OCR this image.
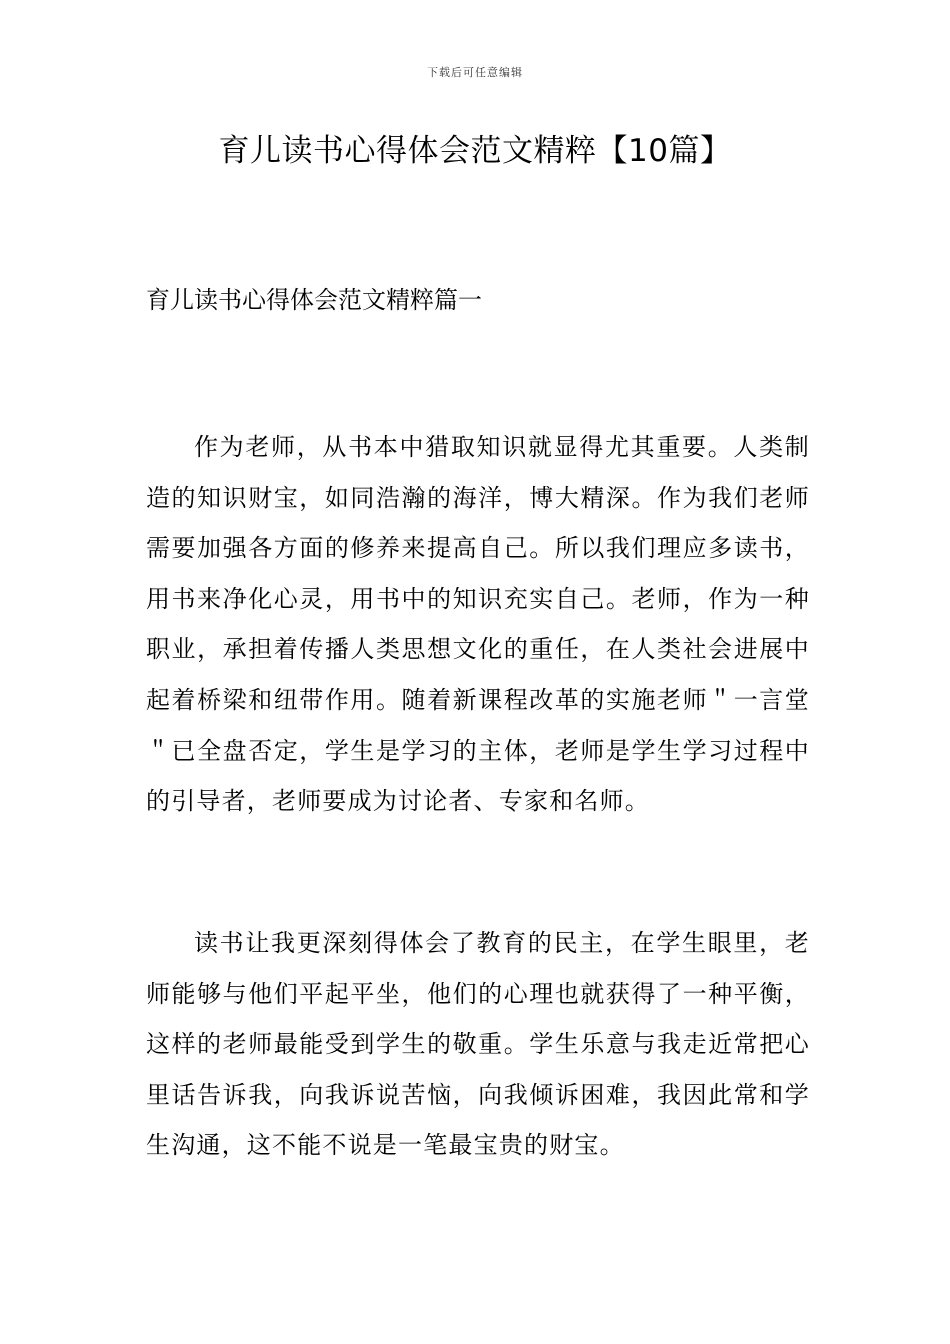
下载后可任意编辑
育儿读书心得体会范文精粹【10篇】
育儿读书心得体会范文精粹篇一

作为老师，从书本中猎取知识就显得尤其重要。人类制造的知识财宝，如同浩瀚的海洋，博大精深。作为我们老师需要加强各方面的修养来提高自己。所以我们理应多读书，用书来净化心灵，用书中的知识充实自己。老师，作为一种职业，承担着传播人类思想文化的重任，在人类社会进展中起着桥梁和纽带作用。随着新课程改革的实施老师＂一言堂＂已全盘否定，学生是学习的主体，老师是学生学习过程中的引导者，老师要成为讨论者、专家和名师。

读书让我更深刻得体会了教育的民主，在学生眼里，老师能够与他们平起平坐，他们的心理也就获得了一种平衡，这样的老师最能受到学生的敬重。学生乐意与我走近常把心里话告诉我，向我诉说苦恼，向我倾诉困难，我因此常和学生沟通，这不能不说是一笔最宝贵的财宝。
